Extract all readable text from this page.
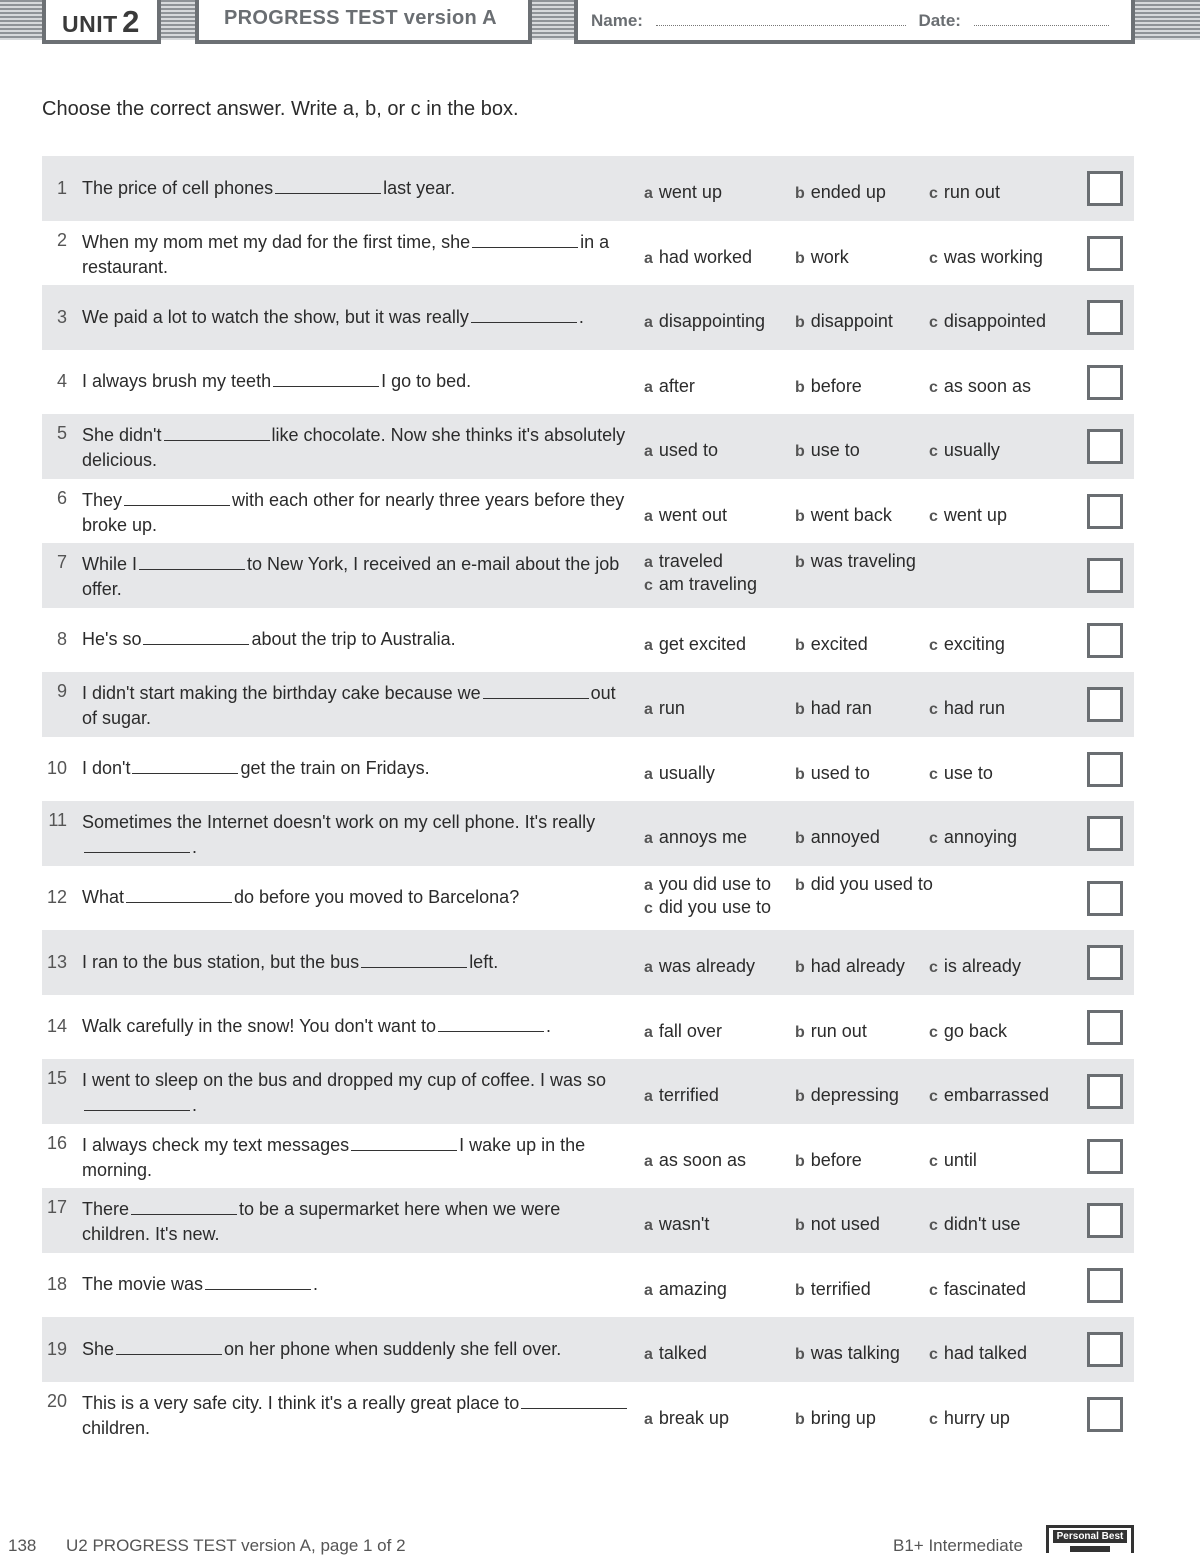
UNIT 2	PROGRESS TEST version A	Name:	Date:
Choose the correct answer. Write a, b, or c in the box.
1 The price of cell phones	last year.	a went up	b ended up	c run out
2 When my mom met my dad for the first time, she	in a restaurant.	a had worked	b work	c was working
3 We paid a lot to watch the show, but it was really	.	a disappointing b disappoint c disappointed
4 I always brush my teeth	I go to bed.	a after	b before	c as soon as
5 She didn't	like chocolate. Now she thinks it's absolutely delicious.	a used to	b use to	c usually
6 They	with each other for nearly three years before they broke up.	a went out	b went back c went up
7 While I	to New York, I received an e-mail about the job offer.
a traveled	b was traveling
c am traveling
8 He's so	about the trip to Australia.	a get excited	b excited	c exciting
9 I didn't start making the birthday cake because we	out of sugar.	a run	b had ran	c had run
10 I don't	get the train on Fridays.	a usually	b used to	c use to
11 Sometimes the Internet doesn't work on my cell phone. It's really.	a annoys me	b annoyed	c annoying
12 What	do before you moved to Barcelona?
a you did use to b did you used to
c did you use to
13 I ran to the bus station, but the bus	left.	a was already	b had already c is already
14 Walk carefully in the snow! You don't want to	.	a fall over	b run out	c go back
15 I went to sleep on the bus and dropped my cup of coffee. I was so.	a terrified	b depressing c embarrassed
16 I always check my text messages	I wake up in the morning.	a as soon as	b before	c until
17 There	to be a supermarket here when we were children. It's new.	a wasn't	b not used	c didn't use
18 The movie was	.	a amazing	b terrified	c fascinated
19 She	on her phone when suddenly she fell over.	a talked	b was talking c had talked
20 This is a very safe city. I think it's a really great place tochildren.	a break up	b bring up	c hurry up
138 U2 PROGRESS TEST version A, page 1 of 2	B1+ Intermediate	Personal Best
